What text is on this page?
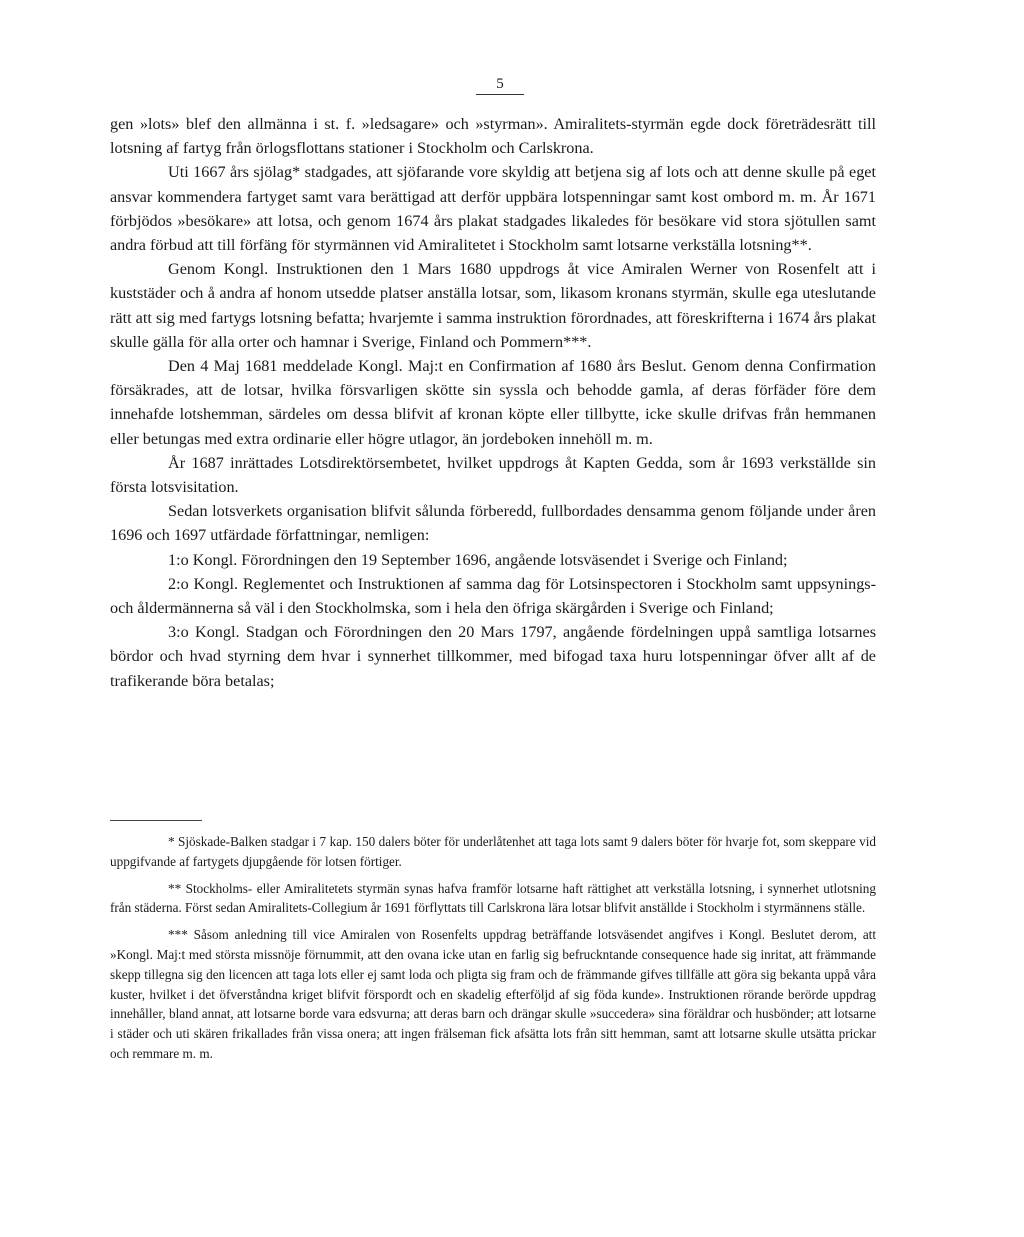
5

gen »lots» blef den allmänna i st. f. »ledsagare» och »styrman». Amiralitets-styrmän egde dock företrädesrätt till lotsning af fartyg från örlogsflottans stationer i Stockholm och Carlskrona.

Uti 1667 års sjölag* stadgades, att sjöfarande vore skyldig att betjena sig af lots och att denne skulle på eget ansvar kommendera fartyget samt vara berättigad att derför uppbära lotspenningar samt kost ombord m. m. År 1671 förbjödos »besökare» att lotsa, och genom 1674 års plakat stadgades likaledes för besökare vid stora sjötullen samt andra förbud att till förfäng för styrmännen vid Amiralitetet i Stockholm samt lotsarne verkställa lotsning**.

Genom Kongl. Instruktionen den 1 Mars 1680 uppdrogs åt vice Amiralen Werner von Rosenfelt att i kuststäder och å andra af honom utsedde platser anställa lotsar, som, likasom kronans styrmän, skulle ega uteslutande rätt att sig med fartygs lotsning befatta; hvarjemte i samma instruktion förordnades, att föreskrifterna i 1674 års plakat skulle gälla för alla orter och hamnar i Sverige, Finland och Pommern***.

Den 4 Maj 1681 meddelade Kongl. Maj:t en Confirmation af 1680 års Beslut. Genom denna Confirmation försäkrades, att de lotsar, hvilka försvarligen skötte sin syssla och behodde gamla, af deras förfäder före dem innehafde lotshemman, särdeles om dessa blifvit af kronan köpte eller tillbytte, icke skulle drifvas från hemmanen eller betungas med extra ordinarie eller högre utlagor, än jordeboken innehöll m. m.

År 1687 inrättades Lotsdirektörsembetet, hvilket uppdrogs åt Kapten Gedda, som år 1693 verkställde sin första lotsvisitation.

Sedan lotsverkets organisation blifvit sålunda förberedd, fullbordades densamma genom följande under åren 1696 och 1697 utfärdade författningar, nemligen:

1:o Kongl. Förordningen den 19 September 1696, angående lotsväsendet i Sverige och Finland;

2:o Kongl. Reglementet och Instruktionen af samma dag för Lotsinspectoren i Stockholm samt uppsynings- och åldermännerna så väl i den Stockholmska, som i hela den öfriga skärgården i Sverige och Finland;

3:o Kongl. Stadgan och Förordningen den 20 Mars 1797, angående fördelningen uppå samtliga lotsarnes bördor och hvad styrning dem hvar i synnerhet tillkommer, med bifogad taxa huru lotspenningar öfver allt af de trafikerande böra betalas;

* Sjöskade-Balken stadgar i 7 kap. 150 dalers böter för underlåtenhet att taga lots samt 9 dalers böter för hvarje fot, som skeppare vid uppgifvande af fartygets djupgående för lotsen förtiger.

** Stockholms- eller Amiralitetets styrmän synas hafva framför lotsarne haft rättighet att verkställa lotsning, i synnerhet utlotsning från städerna. Först sedan Amiralitets-Collegium år 1691 förflyttats till Carlskrona lära lotsar blifvit anställde i Stockholm i styrmännens ställe.

*** Såsom anledning till vice Amiralen von Rosenfelts uppdrag beträffande lotsväsendet angifves i Kongl. Beslutet derom, att »Kongl. Maj:t med största missnöje förnummit, att den ovana icke utan en farlig sig befruckntande consequence hade sig inritat, att främmande skepp tillegna sig den licencen att taga lots eller ej samt loda och pligta sig fram och de främmande gifves tillfälle att göra sig bekanta uppå våra kuster, hvilket i det öfverståndna kriget blifvit förspordt och en skadelig efterföljd af sig föda kunde». Instruktionen rörande berörde uppdrag innehåller, bland annat, att lotsarne borde vara edsvurna; att deras barn och drängar skulle »succedera» sina föräldrar och husbönder; att lotsarne i städer och uti skären frikallades från vissa onera; att ingen frälseman fick afsätta lots från sitt hemman, samt att lotsarne skulle utsätta prickar och remmare m. m.
